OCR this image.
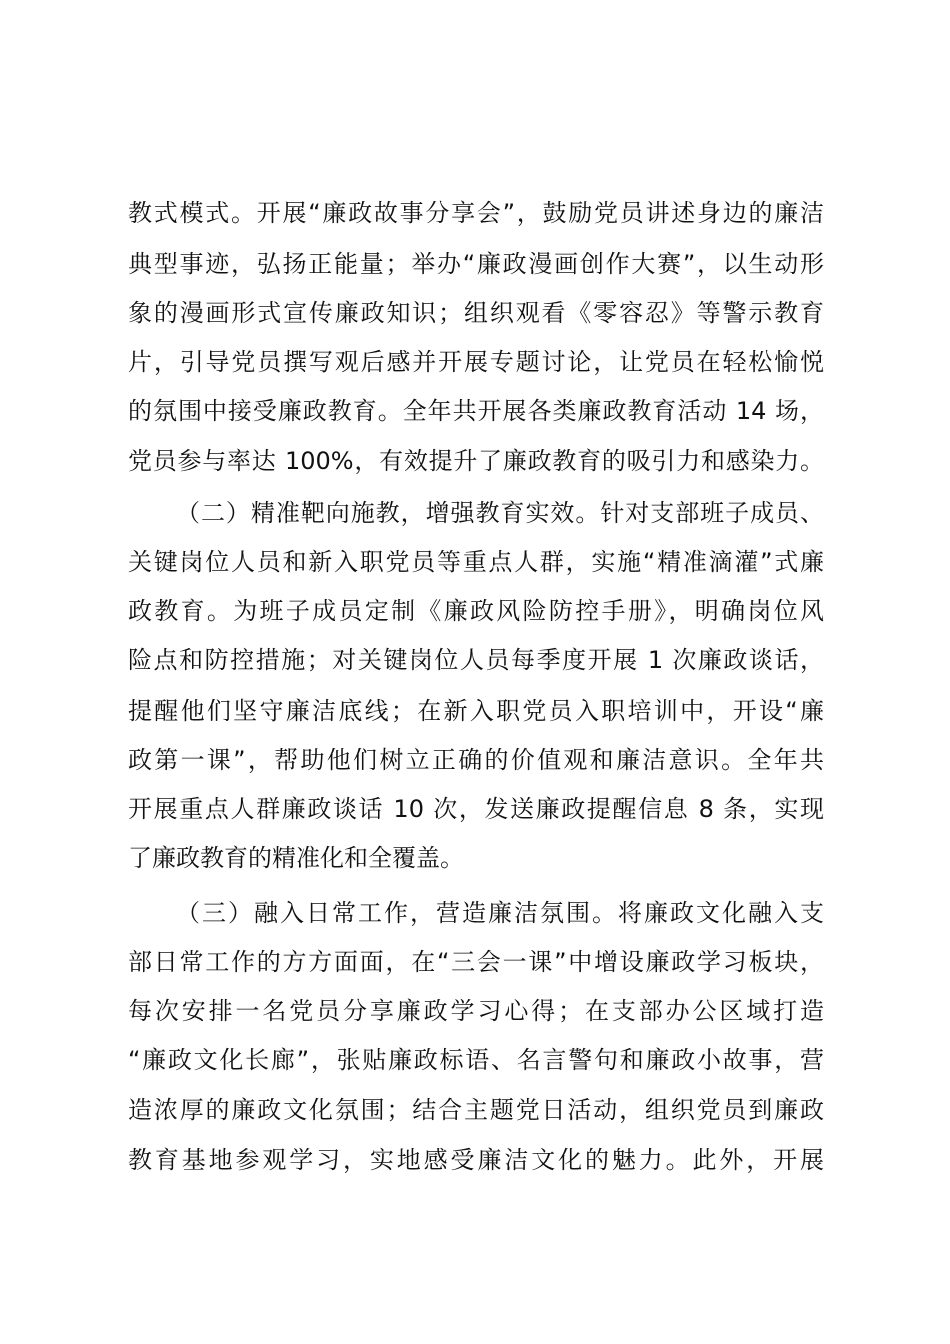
教式模式。开展“廉政故事分享会”，鼓励党员讲述身边的廉洁
典型事迹，弘扬正能量；举办“廉政漫画创作大赛”，以生动形
象的漫画形式宣传廉政知识；组织观看《零容忍》等警示教育
片，引导党员撰写观后感并开展专题讨论，让党员在轻松愉悦
的氛围中接受廉政教育。全年共开展各类廉政教育活动 14 场，
党员参与率达 100%，有效提升了廉政教育的吸引力和感染力。
（二）精准靶向施教，增强教育实效。针对支部班子成员、
关键岗位人员和新入职党员等重点人群，实施“精准滴灌”式廉
政教育。为班子成员定制《廉政风险防控手册》，明确岗位风
险点和防控措施；对关键岗位人员每季度开展 1 次廉政谈话，
提醒他们坚守廉洁底线；在新入职党员入职培训中，开设“廉
政第一课”，帮助他们树立正确的价值观和廉洁意识。全年共
开展重点人群廉政谈话 10 次，发送廉政提醒信息 8 条，实现
了廉政教育的精准化和全覆盖。
（三）融入日常工作，营造廉洁氛围。将廉政文化融入支
部日常工作的方方面面，在“三会一课”中增设廉政学习板块，
每次安排一名党员分享廉政学习心得；在支部办公区域打造
“廉政文化长廊”，张贴廉政标语、名言警句和廉政小故事，营
造浓厚的廉政文化氛围；结合主题党日活动，组织党员到廉政
教育基地参观学习，实地感受廉洁文化的魅力。此外，开展
